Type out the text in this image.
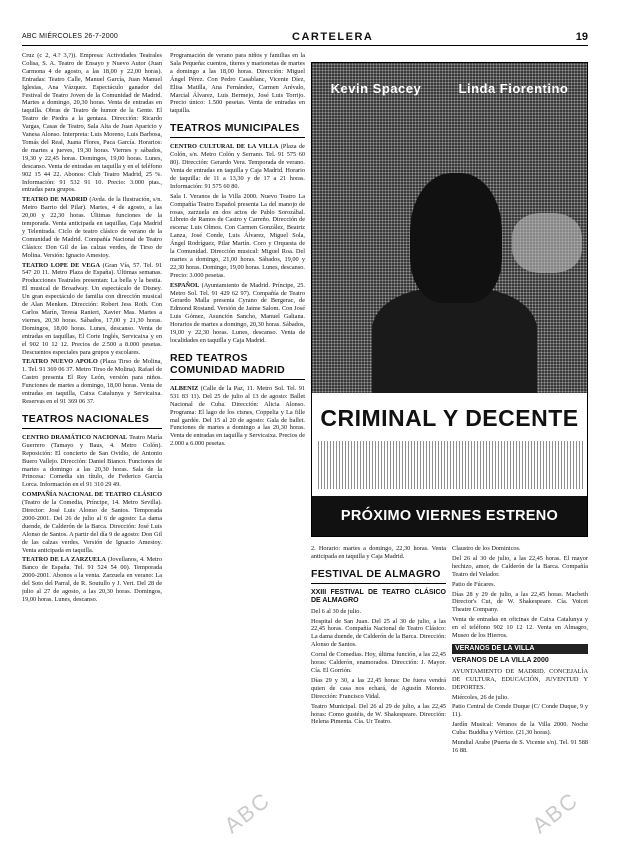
ABC MIÉRCOLES 26-7-2000	CARTELERA	19

Cruz (c 2, 4.? 3,?)). Empresa: Actividades Teatrales Colisa, S. A. Teatro de Ensayo y Nuevo Autor (Juan Carmona 4 de agosto, a las 18,00 y 22,00 horas). Entradas: Teatro Calle, Manuel García, Juan Manuel Iglesias, Ana Vázquez. Espectáculo ganador del Festival de Teatro Joven de la Comunidad de Madrid. Martes a domingo, 20,30 horas. Venta de entradas en taquilla. Obras de Teatro de humor de la Gente. El Teatro de Piedra a la gentaza. Dirección: Ricardo Vargas, Casas de Teatro, Sala Alta de Juan Aparicio y Vanesa Alonso. Interpreta: Luis Moreno, Luis Barbosa, Tomás del Real, Juana Flores, Paca García. Horarios: de martes a jueves, 19,30 horas. Viernes y sábados, 19,30 y 22,45 horas. Domingos, 19,00 horas. Lunes, descanso. Venta de entradas en taquilla y en el teléfono 902 15 44 22. Abonos: Club Teatro Madrid, 25 %. Información: 91 532 91 10. Precio: 3.000 ptas., entradas para grupos.

TEATRO DE MADRID (Avda. de la Ilustración, s/n. Metro Barrio del Pilar). Martes, 4 de agosto, a las 20,00 y 22,30 horas. Últimas funciones de la temporada. Venta anticipada en taquillas, Caja Madrid y Telentrada. Ciclo de teatro clásico de verano de la Comunidad de Madrid. Compañía Nacional de Teatro Clásico: Don Gil de las calzas verdes, de Tirso de Molina. Versión: Ignacio Amestoy.

TEATRO LOPE DE VEGA (Gran Vía, 57. Tel. 91 547 20 11. Metro Plaza de España). Últimas semanas. Producciones Teatrales presentan: La bella y la bestia. El musical de Broadway. Un espectáculo de Disney. Un gran espectáculo de familia con dirección musical de Alan Menken. Dirección: Robert Jess Roth. Con Carlos Marín, Teresa Ranieri, Xavier Mas. Martes a viernes, 20,30 horas. Sábados, 17,00 y 21,30 horas. Domingos, 18,00 horas. Lunes, descanso. Venta de entradas en taquillas, El Corte Inglés, Servicaixa y en el 902 10 12 12. Precios de 2.500 a 8.000 pesetas. Descuentos especiales para grupos y escolares.

TEATRO NUEVO APOLO (Plaza Tirso de Molina, 1. Tel. 91 369 06 37. Metro Tirso de Molina). Rafael de Castro presenta El Rey León, versión para niños. Funciones de martes a domingo, 18,00 horas. Venta de entradas en taquilla, Caixa Catalunya y Servicaixa. Reservas en el 91 369 06 37.

TEATROS NACIONALES

CENTRO DRAMÁTICO NACIONAL Teatro María Guerrero (Tamayo y Baus, 4. Metro Colón). Reposición: El concierto de San Ovidio, de Antonio Buero Vallejo. Dirección: Daniel Bianco. Funciones de martes a domingo a las 20,30 horas. Sala de la Princesa: Comedia sin título, de Federico García Lorca. Información en el 91 310 29 49.

COMPAÑÍA NACIONAL DE TEATRO CLÁSICO (Teatro de la Comedia, Príncipe, 14. Metro Sevilla). Director: José Luis Alonso de Santos. Temporada 2000-2001. Del 26 de julio al 6 de agosto: La dama duende, de Calderón de la Barca. Dirección: José Luis Alonso de Santos. A partir del día 9 de agosto: Don Gil de las calzas verdes. Versión de Ignacio Amestoy. Venta anticipada en taquilla.

TEATRO DE LA ZARZUELA (Jovellanos, 4. Metro Banco de España. Tel. 91 524 54 00). Temporada 2000-2001. Abonos a la venta. Zarzuela en verano: La del Soto del Parral, de R. Soutullo y J. Vert. Del 28 de julio al 27 de agosto, a las 20,30 horas. Domingos, 19,00 horas. Lunes, descanso.

Programación de verano para niños y familias en la Sala Pequeña: cuentos, títeres y marionetas de martes a domingo a las 18,00 horas. Dirección: Miguel Ángel Pérez. Con Pedro Casablanc, Vicente Díez, Elisa Matilla, Ana Fernández, Carmen Arévalo, Marcial Álvarez, Luis Bermejo, José Luis Torrijo. Precio único: 1.500 pesetas. Venta de entradas en taquilla.

TEATROS MUNICIPALES

CENTRO CULTURAL DE LA VILLA (Plaza de Colón, s/n. Metro Colón y Serrano. Tel. 91 575 60 80). Dirección: Gerardo Vera. Temporada de verano. Venta de entradas en taquilla y Caja Madrid. Horario de taquilla: de 11 a 13,30 y de 17 a 21 horas. Información: 91 575 60 80.

Sala I. Veranos de la Villa 2000. Nuevo Teatro La Compañía Teatro Español presenta La del manojo de rosas, zarzuela en dos actos de Pablo Sorozábal. Libreto de Ramos de Castro y Carreño. Dirección de escena: Luis Olmos. Con Carmen González, Beatriz Lanza, José Conde, Luis Álvarez, Miguel Sola, Ángel Rodríguez, Pilar Martín. Coro y Orquesta de la Comunidad. Dirección musical: Miguel Roa. Del martes a domingo, 21,00 horas. Sábados, 19,00 y 22,30 horas. Domingo, 19,00 horas. Lunes, descanso. Precio: 3.000 pesetas.

ESPAÑOL (Ayuntamiento de Madrid. Príncipe, 25. Metro Sol. Tel. 91 429 62 97). Compañía de Teatro Gerardo Malla presenta Cyrano de Bergerac, de Edmond Rostand. Versión de Jaime Salom. Con José Luis Gómez, Asunción Sancho, Manuel Galiana. Horarios de martes a domingo, 20,30 horas. Sábados, 19,00 y 22,30 horas. Lunes, descanso. Venta de localidades en taquilla y Caja Madrid.

RED TEATROS COMUNIDAD MADRID

ALBENIZ (Calle de la Paz, 11. Metro Sol. Tel. 91 531 83 11). Del 25 de julio al 13 de agosto: Ballet Nacional de Cuba. Dirección: Alicia Alonso. Programa: El lago de los cisnes, Coppelia y La fille mal gardée. Del 15 al 20 de agosto: Gala de ballet. Funciones de martes a domingo a las 20,30 horas. Venta de entradas en taquilla y Servicaixa. Precios de 2.000 a 6.000 pesetas.

Kevin Spacey	Linda Fiorentino
CRIMINAL Y DECENTE
PRÓXIMO VIERNES ESTRENO

2. Horario: martes a domingo, 22,30 horas. Venta anticipada en taquilla y Caja Madrid.

FESTIVAL DE ALMAGRO
XXIII FESTIVAL DE TEATRO CLÁSICO DE ALMAGRO

Del 6 al 30 de julio.

Hospital de San Juan. Del 25 al 30 de julio, a las 22,45 horas. Compañía Nacional de Teatro Clásico: La dama duende, de Calderón de la Barca. Dirección: Alonso de Santos.

Corral de Comedias. Hoy, última función, a las 22,45 horas: Calderón, enamorados. Dirección: J. Mayor. Cía. El Gorrión.

Días 29 y 30, a las 22,45 horas: De fuera vendrá quien de casa nos echará, de Agustín Moreto. Dirección: Francisco Vidal.

Teatro Municipal. Del 26 al 29 de julio, a las 22,45 horas: Como gustéis, de W. Shakespeare. Dirección: Helena Pimenta. Cía. Ur Teatro.

Claustro de los Dominicos.

Del 26 al 30 de julio, a las 22,45 horas. El mayor hechizo, amor, de Calderón de la Barca. Compañía Teatro del Velador.

Patio de Fúcares.

Días 28 y 29 de julio, a las 22,45 horas. Macbeth Director's Cut, de W. Shakespeare. Cía. Voicet Theatre Company.

Venta de entradas en oficinas de Caixa Catalunya y en el teléfono 902 10 12 12. Venta en Almagro, Museo de los Hierros.

VERANOS DE LA VILLA
VERANOS DE LA VILLA 2000

AYUNTAMIENTO DE MADRID. CONCEJALÍA DE CULTURA, EDUCACIÓN, JUVENTUD Y DEPORTES.

Miércoles, 26 de julio.

Patio Central de Conde Duque (C/ Conde Duque, 9 y 11).

Jardín Musical: Veranos de la Villa 2000. Noche Cuba: Buddha y Vértice. (21,30 horas).

Mundial Arabe (Puerta de S. Vicente s/n). Tel. 91 588 16 88.

ABC	ABC
